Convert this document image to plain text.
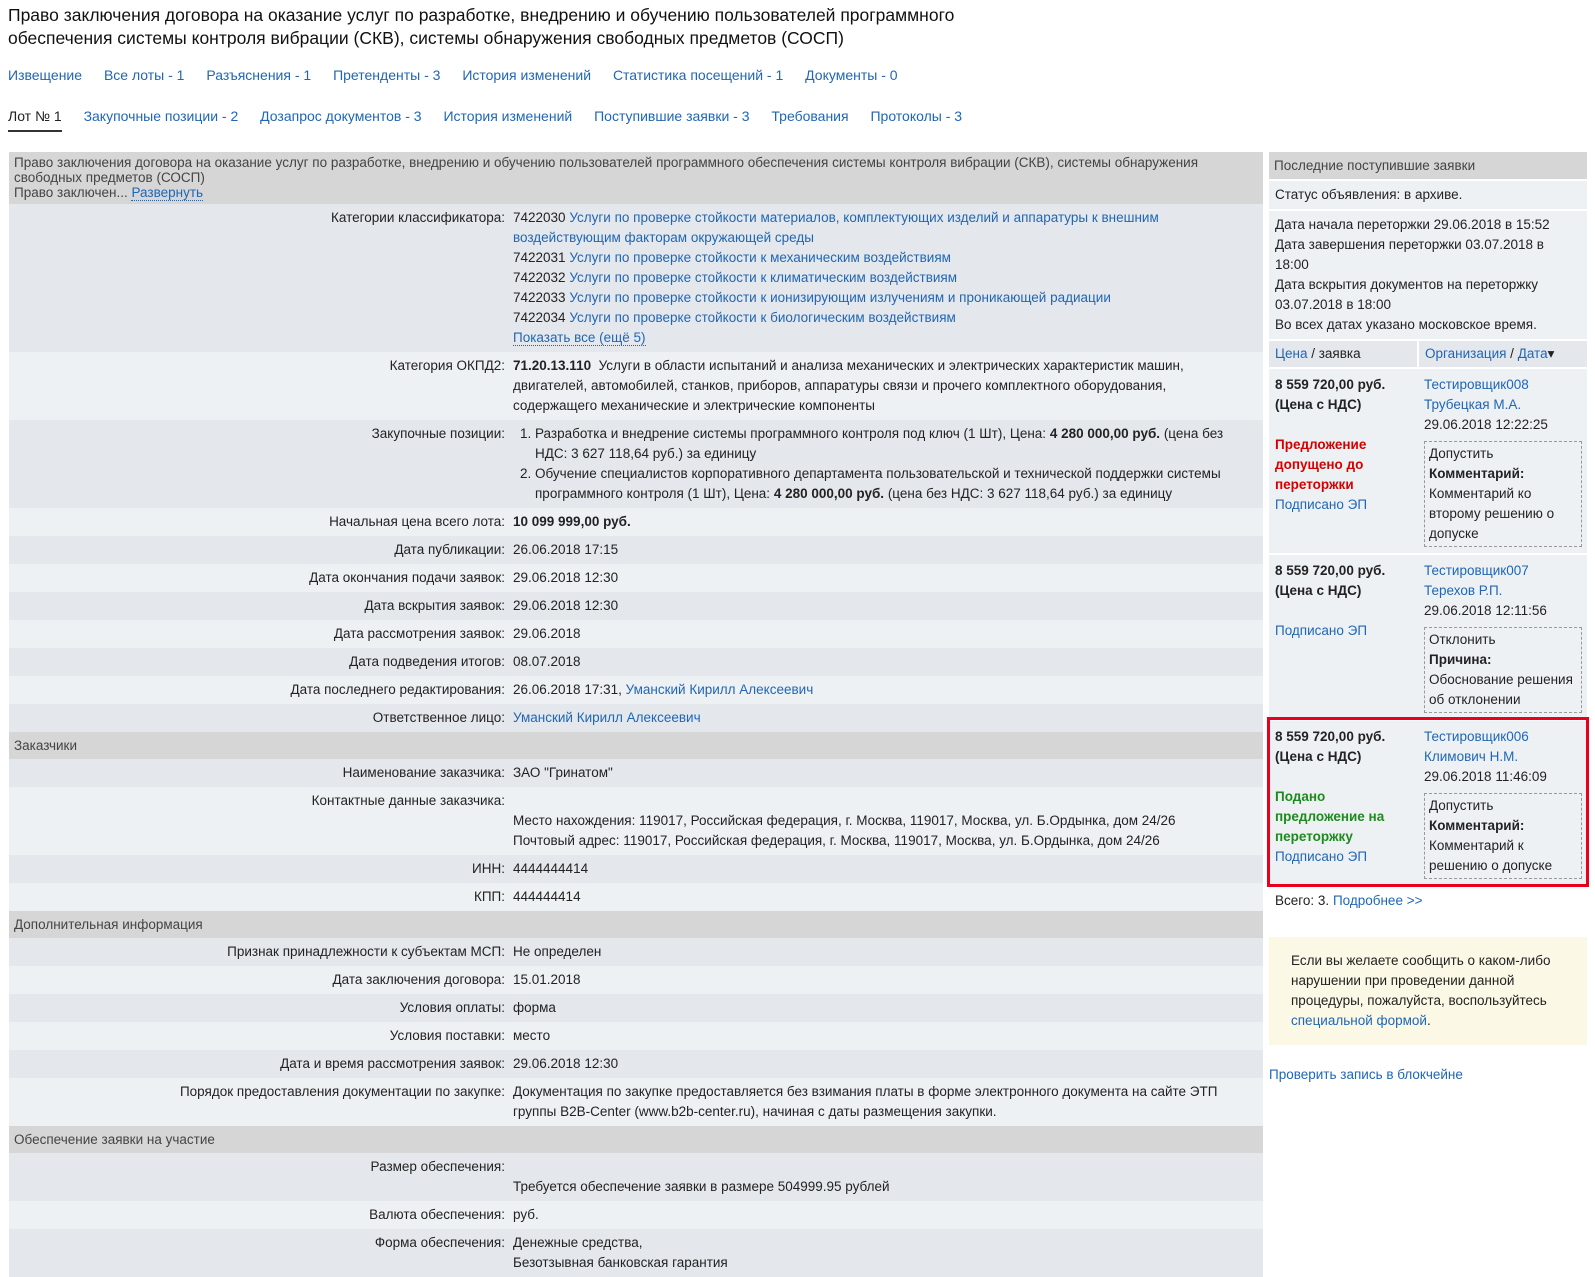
Право заключения договора на оказание услуг по разработке, внедрению и обучению пользователей программного обеспечения системы контроля вибрации (СКВ), системы обнаружения свободных предметов (СОСП)
Извещение Все лоты - 1 Разъяснения - 1 Претенденты - 3 История изменений Статистика посещений - 1 Документы - 0
Лот № 1 Закупочные позиции - 2 Дозапрос документов - 3 История изменений Поступившие заявки - 3 Требования Протоколы - 3
Право заключения договора на оказание услуг по разработке, внедрению и обучению пользователей программного обеспечения системы контроля вибрации (СКВ), системы обнаружения свободных предметов (СОСП)
Право заключен... Развернуть
Категории классификатора: 7422030 Услуги по проверке стойкости материалов, комплектующих изделий и аппаратуры к внешним воздействующим факторам окружающей среды
7422031 Услуги по проверке стойкости к механическим воздействиям
7422032 Услуги по проверке стойкости к климатическим воздействиям
7422033 Услуги по проверке стойкости к ионизирующим излучениям и проникающей радиации
7422034 Услуги по проверке стойкости к биологическим воздействиям
Показать все (ещё 5)
Категория ОКПД2: 71.20.13.110 Услуги в области испытаний и анализа механических и электрических характеристик машин, двигателей, автомобилей, станков, приборов, аппаратуры связи и прочего комплектного оборудования, содержащего механические и электрические компоненты
Закупочные позиции:
1.	Разработка и внедрение системы программного контроля под ключ (1 Шт), Цена: 4 280 000,00 руб. (цена без НДС: 3 627 118,64 руб.) за единицу
2. Обучение специалистов корпоративного департамента пользовательской и технической поддержки системы программного контроля (1 Шт), Цена: 4 280 000,00 руб. (цена без НДС: 3 627 118,64 руб.) за единицу
Начальная цена всего лота: 10 099 999,00 руб.
Дата публикации: 26.06.2018 17:15
Дата окончания подачи заявок: 29.06.2018 12:30
Дата вскрытия заявок: 29.06.2018 12:30
Дата рассмотрения заявок: 29.06.2018
Дата подведения итогов: 08.07.2018
Дата последнего редактирования: 26.06.2018 17:31, Уманский Кирилл Алексеевич
Ответственное лицо: Уманский Кирилл Алексеевич
Заказчики
Наименование заказчика: ЗАО "Гринатом"
Контактные данные заказчика:
Место нахождения: 119017, Российская федерация, г. Москва, 119017, Москва, ул. Б.Ордынка, дом 24/26
Почтовый адрес: 119017, Российская федерация, г. Москва, 119017, Москва, ул. Б.Ордынка, дом 24/26
ИНН: 4444444414
КПП: 444444414
Дополнительная информация
Признак принадлежности к субъектам МСП: Не определен
Дата заключения договора: 15.01.2018
Условия оплаты: форма
Условия поставки: место
Дата и время рассмотрения заявок: 29.06.2018 12:30
Порядок предоставления документации по закупке: Документация по закупке предоставляется без взимания платы в форме электронного документа на сайте ЭТП группы B2B-Center (www.b2b-center.ru), начиная с даты размещения закупки.
Обеспечение заявки на участие
Размер обеспечения:
Требуется обеспечение заявки в размере 504999.95 рублей
Валюта обеспечения: руб.
Форма обеспечения: Денежные средства,
Безотзывная банковская гарантия
Последние поступившие заявки
Статус объявления: в архиве.
Дата начала переторжки 29.06.2018 в 15:52
Дата завершения переторжки 03.07.2018 в 18:00
Дата вскрытия документов на переторжку 03.07.2018 в 18:00
Во всех датах указано московское время.
Цена / заявка	Организация / Дата▾
8 559 720,00 руб.
(Цена с НДС)
Предложение допущено до переторжки
Подписано ЭП
Тестировщик008
Трубецкая М.А.
29.06.2018 12:22:25
Допустить
Комментарий:
Комментарий ко второму решению о допуске
8 559 720,00 руб.
(Цена с НДС)
Подписано ЭП
Тестировщик007
Терехов Р.П.
29.06.2018 12:11:56
Отклонить
Причина:
Обоснование решения об отклонении
8 559 720,00 руб.
(Цена с НДС)
Подано предложение на переторжку
Подписано ЭП
Тестировщик006
Климович Н.М.
29.06.2018 11:46:09
Допустить
Комментарий:
Комментарий к решению о допуске
Всего: 3. Подробнее >>
Если вы желаете сообщить о каком-либо нарушении при проведении данной процедуры, пожалуйста, воспользуйтесь специальной формой.
Проверить запись в блокчейне
